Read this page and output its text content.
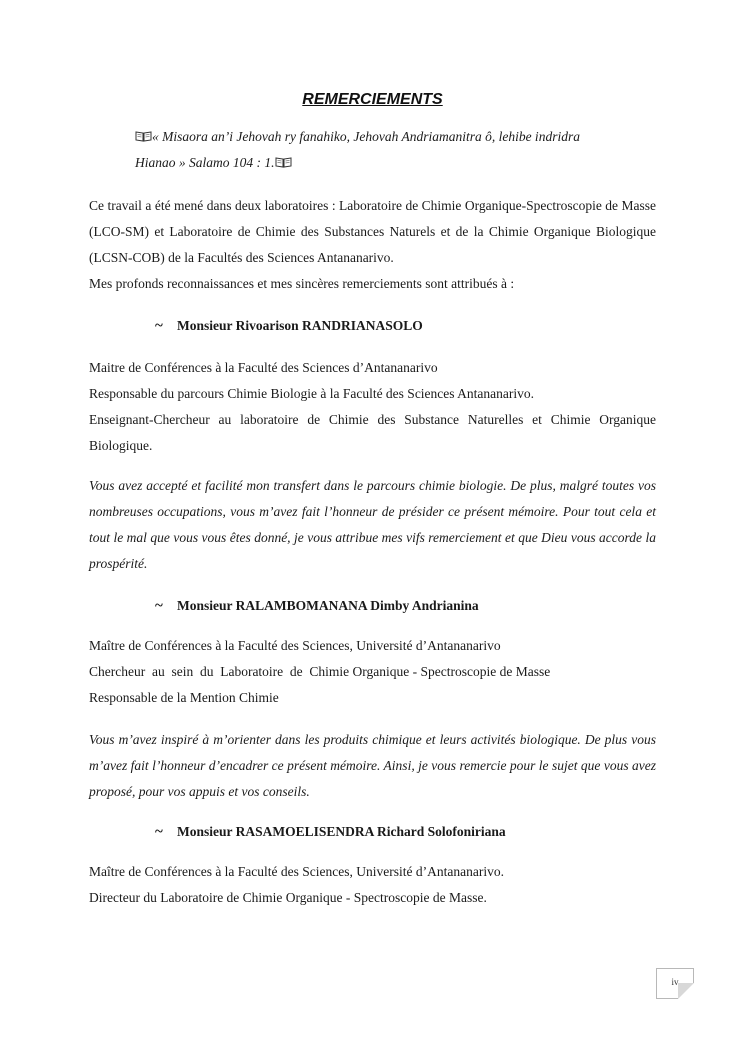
REMERCIEMENTS
« Misaora an’i Jehovah ry fanahiko, Jehovah Andriamanitra ô, lehibe indridra
Hianao » Salamo 104 : 1.
Ce travail a été mené dans deux laboratoires : Laboratoire de Chimie Organique-Spectroscopie de Masse (LCO-SM) et Laboratoire de Chimie des Substances Naturels et de la Chimie Organique Biologique (LCSN-COB) de la Facultés des Sciences Antananarivo.
Mes profonds reconnaissances et mes sincères remerciements sont attribués à :
~ Monsieur Rivoarison RANDRIANASOLO
Maitre de Conférences à la Faculté des Sciences d’Antananarivo
Responsable du parcours Chimie Biologie à la Faculté des Sciences Antananarivo.
Enseignant-Chercheur au laboratoire de Chimie des Substance Naturelles et Chimie Organique Biologique.
Vous avez accepté et facilité mon transfert dans le parcours chimie biologie. De plus, malgré toutes vos nombreuses occupations, vous m’avez fait l’honneur de présider ce présent mémoire. Pour tout cela et tout le mal que vous vous êtes donné, je vous attribue mes vifs remerciement et que Dieu vous accorde la prospérité.
~ Monsieur RALAMBOMANANA Dimby Andrianina
Maître de Conférences à la Faculté des Sciences, Université d’Antananarivo
Chercheur  au  sein  du  Laboratoire  de  Chimie Organique - Spectroscopie de Masse
Responsable de la Mention Chimie
Vous m’avez inspiré à m’orienter dans les produits chimique et leurs activités biologique. De plus vous m’avez fait l’honneur d’encadrer ce présent mémoire. Ainsi, je vous remercie pour le sujet que vous avez proposé, pour vos appuis et vos conseils.
~ Monsieur RASAMOELISENDRA Richard Solofoniriana
Maître de Conférences à la Faculté des Sciences, Université d’Antananarivo.
Directeur du Laboratoire de Chimie Organique - Spectroscopie de Masse.
iv
